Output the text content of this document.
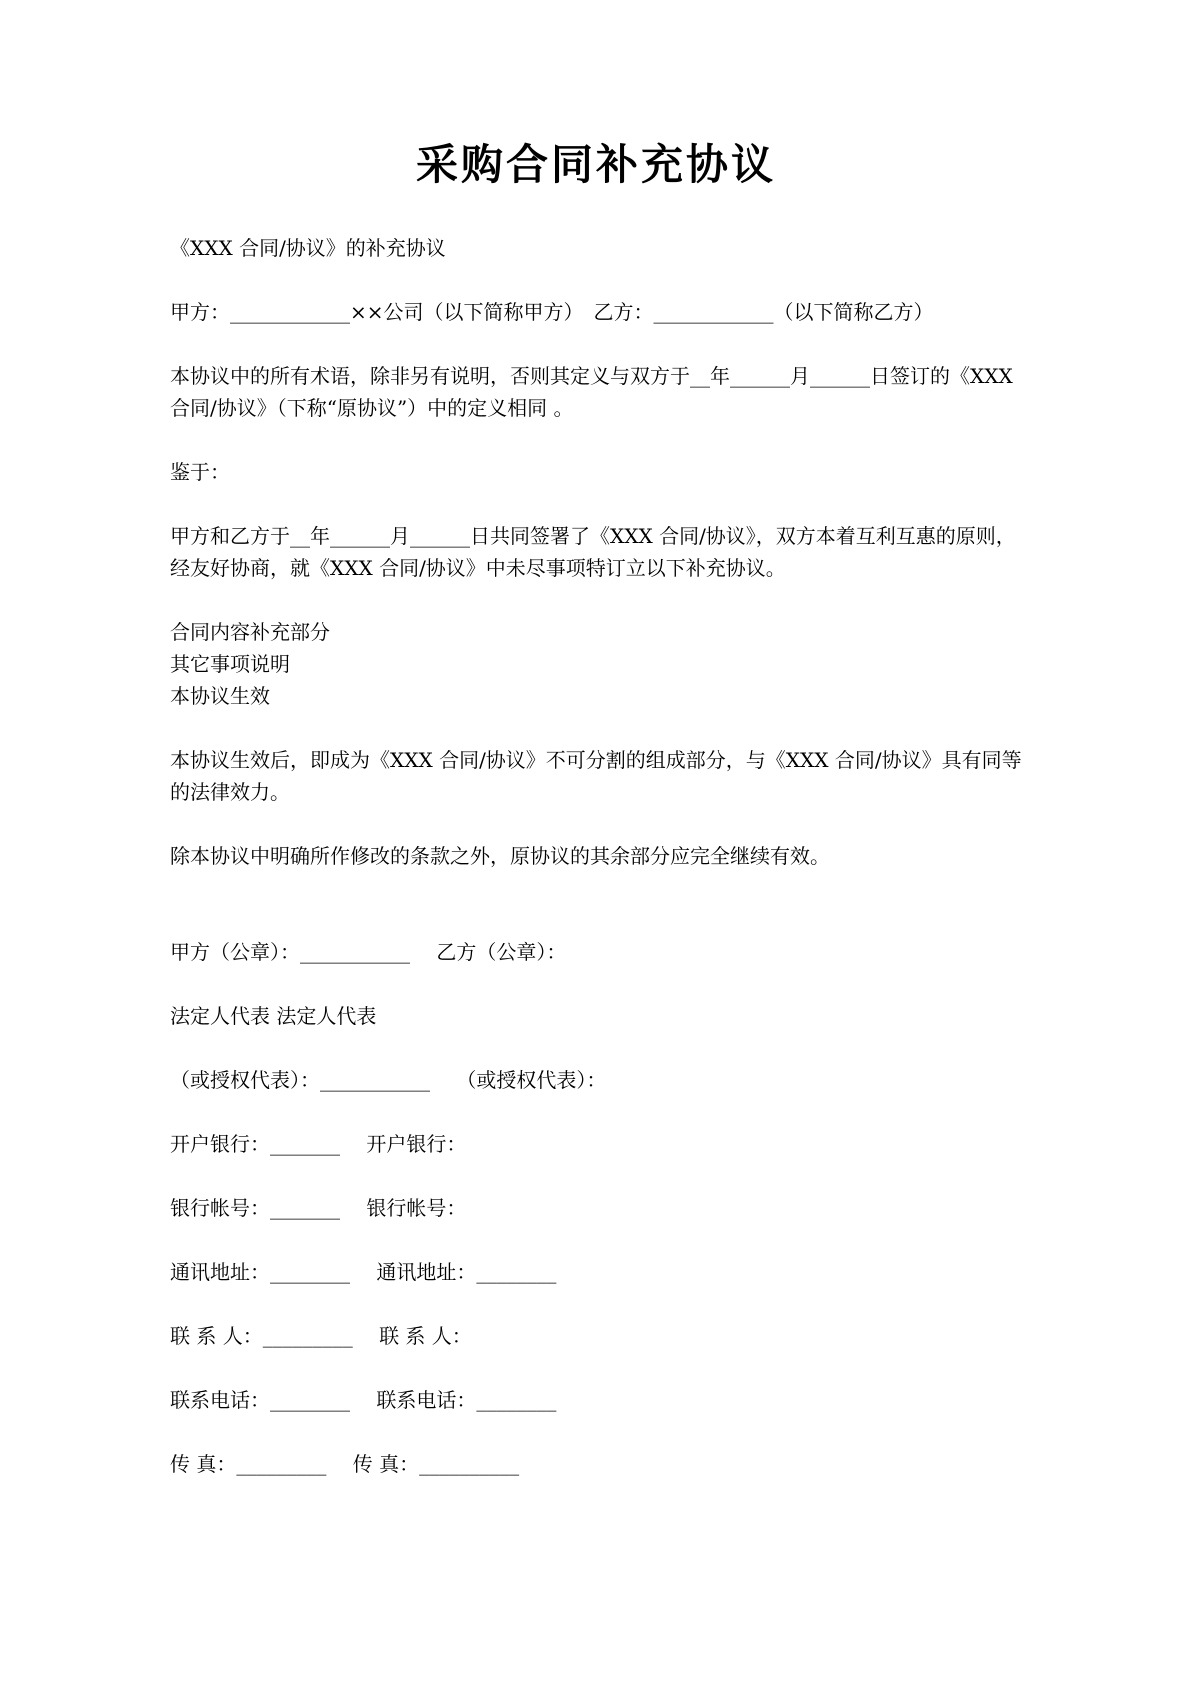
采购合同补充协议

《XXX 合同/协议》的补充协议

甲方：____________××公司（以下简称甲方）　乙方：____________（以下简称乙方）

本协议中的所有术语，除非另有说明，否则其定义与双方于__年______月______日签订的《XXX 合同/协议》（下称“原协议”）中的定义相同 。

鉴于：

甲方和乙方于__年______月______日共同签署了《XXX 合同/协议》，双方本着互利互惠的原则，经友好协商，就《XXX 合同/协议》中未尽事项特订立以下补充协议。

合同内容补充部分

其它事项说明

本协议生效

本协议生效后，即成为《XXX 合同/协议》不可分割的组成部分，与《XXX 合同/协议》具有同等的法律效力。

除本协议中明确所作修改的条款之外，原协议的其余部分应完全继续有效。

甲方（公章）：___________　 乙方（公章）：

法定人代表 法定人代表

（或授权代表）：___________　 （或授权代表）：

开户银行：_______　 开户银行：

银行帐号：_______　 银行帐号：

通讯地址：________　 通讯地址：________

联 系 人：_________　 联 系 人：

联系电话：________　 联系电话：________

传 真：_________　 传 真：__________
